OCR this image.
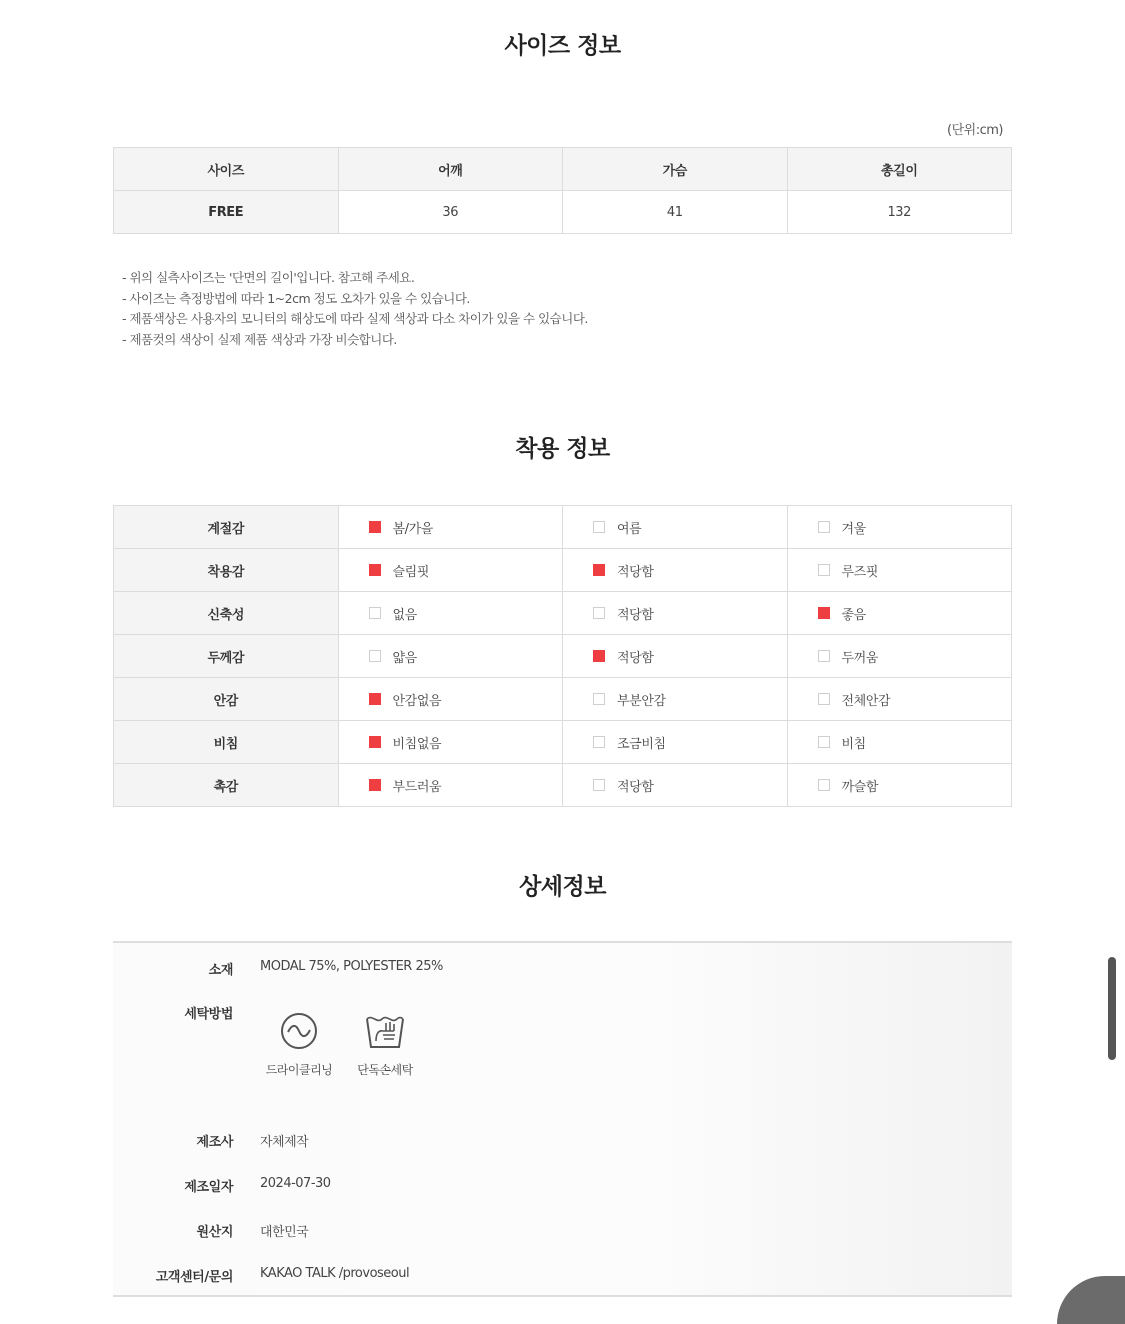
사이즈 정보
(단위:cm)
사이즈	어깨	가슴	총길이
FREE	36	41	132
- 위의 실측사이즈는 '단면의 길이'입니다. 참고해 주세요.
- 사이즈는 측정방법에 따라 1~2cm 정도 오차가 있을 수 있습니다.
- 제품색상은 사용자의 모니터의 해상도에 따라 실제 색상과 다소 차이가 있을 수 있습니다.
- 제품컷의 색상이 실제 제품 색상과 가장 비슷합니다.
착용 정보
계절감	봄/가을	여름	겨울
착용감	슬림핏	적당함	루즈핏
신축성	없음	적당함	좋음
두께감	얇음	적당함	두꺼움
안감	안감없음	부분안감	전체안감
비침	비침없음	조금비침	비침
촉감	부드러움	적당함	까슬함
상세정보
소재 MODAL 75%, POLYESTER 25%
세탁방법
드라이클리닝	단독손세탁
제조사 자체제작
제조일자 2024-07-30
원산지 대한민국
고객센터/문의 KAKAO TALK /provoseoul
